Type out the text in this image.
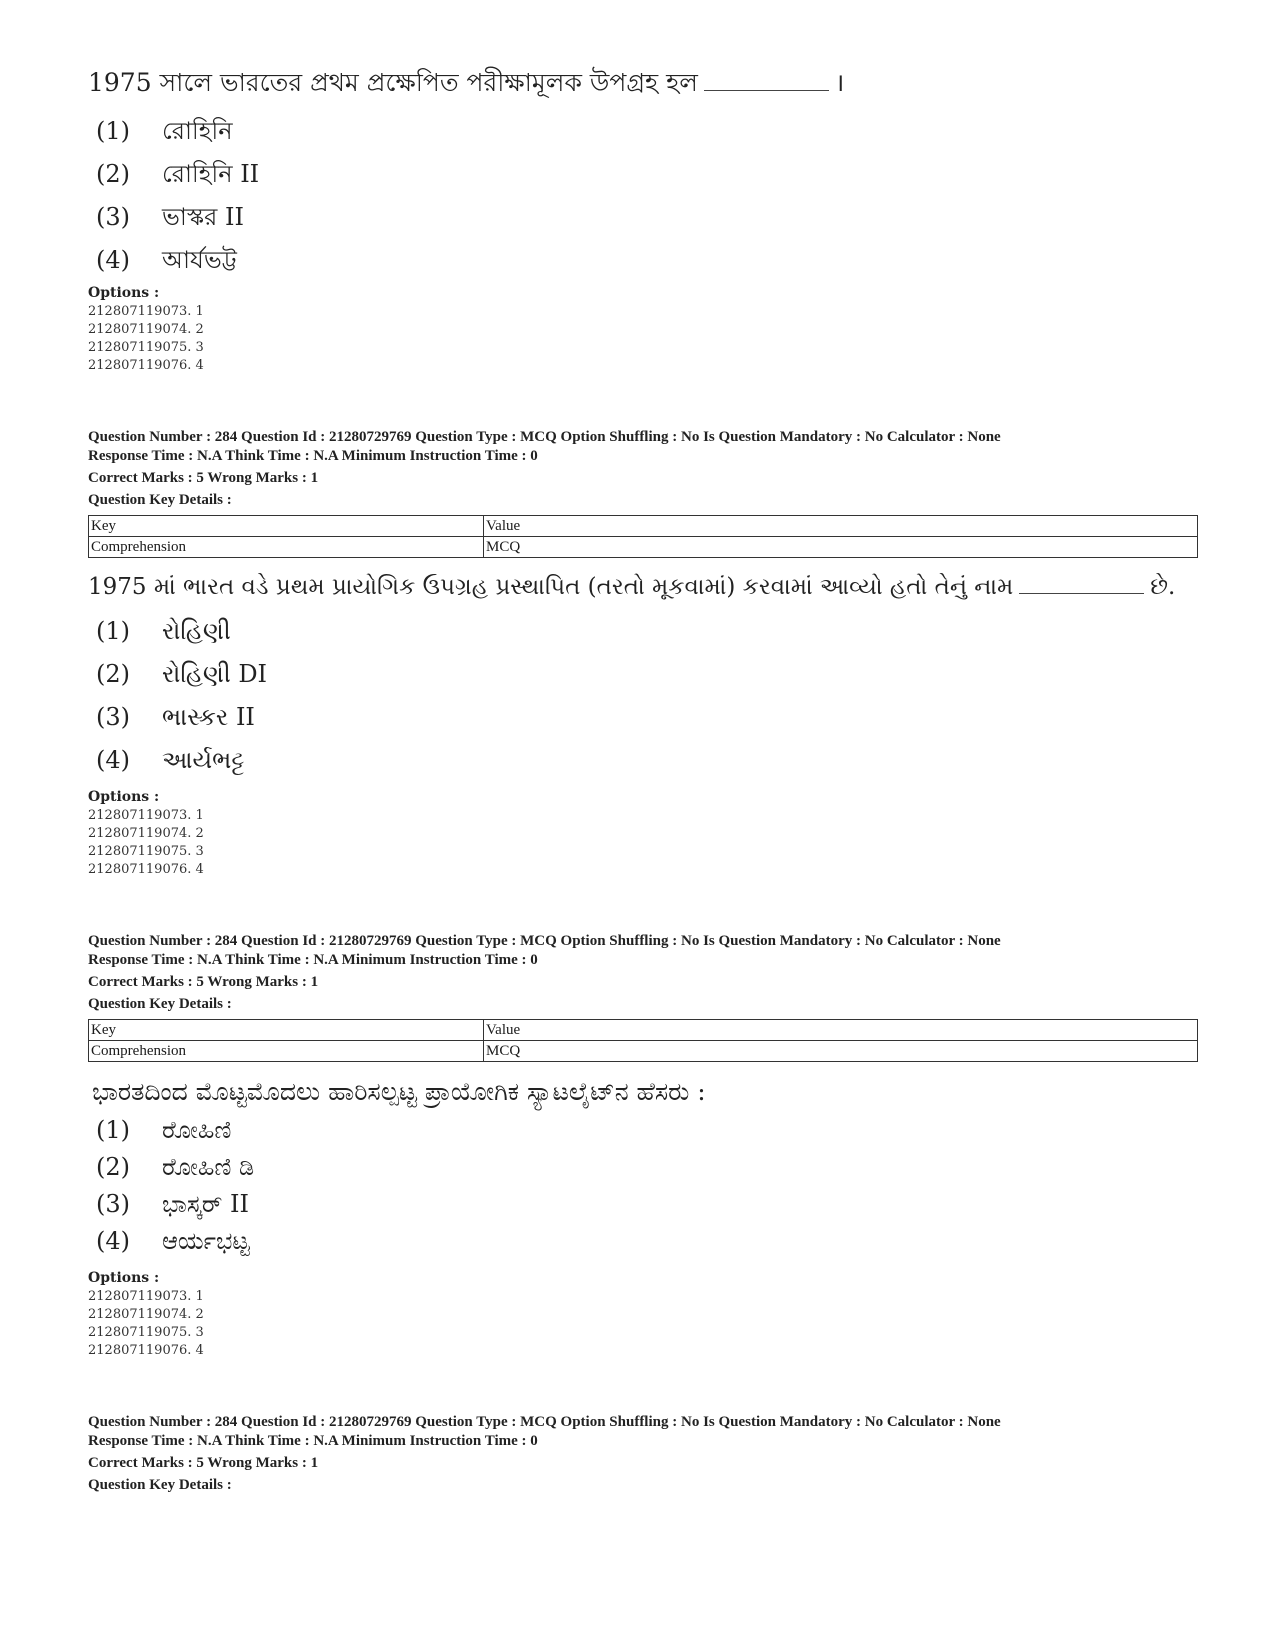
1975 সালে ভারতের প্রথম প্রক্ষেপিত পরীক্ষামূলক উপগ্রহ হল	।
(1) রোহিনি
(2) রোহিনি II
(3) ভাস্কর II
(4) আর্যভট্ট
Options :
212807119073. 1
212807119074. 2
212807119075. 3
212807119076. 4
Question Number : 284 Question Id : 21280729769 Question Type : MCQ Option Shuffling : No Is Question Mandatory : No Calculator : None
Response Time : N.A Think Time : N.A Minimum Instruction Time : 0
Correct Marks : 5 Wrong Marks : 1
Question Key Details :
Key	Value
Comprehension	MCQ
1975 માં ભારત વડે પ્રથમ પ્રાયોગિક ઉપગ્રહ પ્રસ્થાપિત (તરતો મૂકવામાં) કરવામાં આવ્યો હતો તેનું નામ	છે.
(1) રોહિણી
(2) રોહિણી DI
(3) ભાસ્કર II
(4) આર્યભટ્ટ
Options :
212807119073. 1
212807119074. 2
212807119075. 3
212807119076. 4
Question Number : 284 Question Id : 21280729769 Question Type : MCQ Option Shuffling : No Is Question Mandatory : No Calculator : None
Response Time : N.A Think Time : N.A Minimum Instruction Time : 0
Correct Marks : 5 Wrong Marks : 1
Question Key Details :
Key	Value
Comprehension	MCQ
ಭಾರತದಿಂದ ಮೊಟ್ಟಮೊದಲು ಹಾರಿಸಲ್ಪಟ್ಟ ಪ್ರಾಯೋಗಿಕ ಸ್ಯಾಟಲೈಟ್‌ನ ಹೆಸರು :
(1) ರೋಹಿಣಿ
(2) ರೋಹಿಣಿ ಡಿ
(3) ಭಾಸ್ಕರ್ II
(4) ಆರ್ಯಭಟ್ಟ
Options :
212807119073. 1
212807119074. 2
212807119075. 3
212807119076. 4
Question Number : 284 Question Id : 21280729769 Question Type : MCQ Option Shuffling : No Is Question Mandatory : No Calculator : None
Response Time : N.A Think Time : N.A Minimum Instruction Time : 0
Correct Marks : 5 Wrong Marks : 1
Question Key Details :
